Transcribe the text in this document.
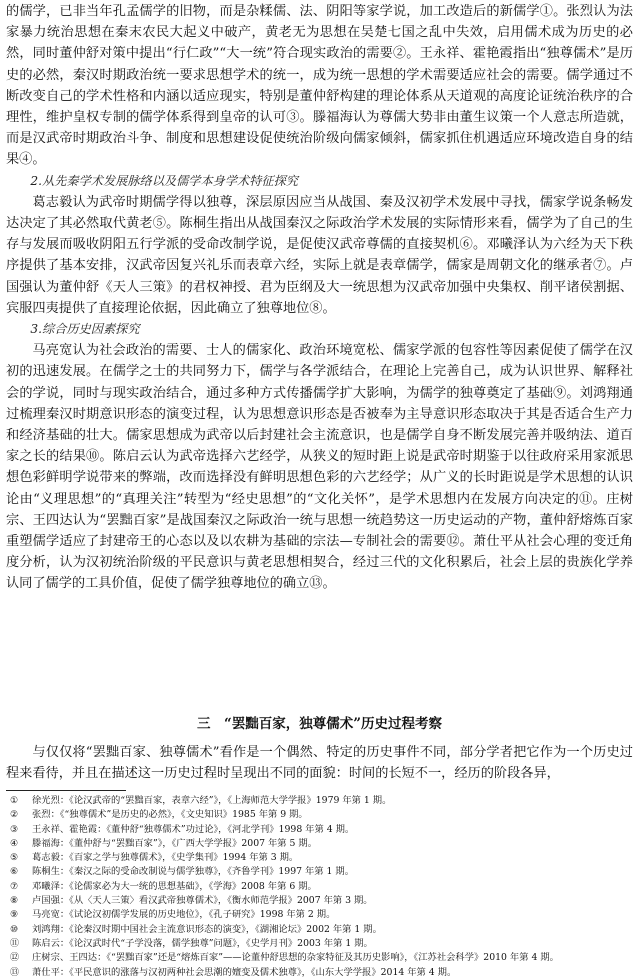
的儒学，已非当年孔孟儒学的旧物，而是杂糅儒、法、阴阳等家学说，加工改造后的新儒学①。张烈认为法家暴力统治思想在秦末农民大起义中破产，黄老无为思想在吴楚七国之乱中失效，启用儒术成为历史的必然，同时董仲舒对策中提出“行仁政”“大一统”符合现实政治的需要②。王永祥、霍艳霞指出“独尊儒术”是历史的必然，秦汉时期政治统一要求思想学术的统一，成为统一思想的学术需要适应社会的需要。儒学通过不断改变自己的学术性格和内涵以适应现实，特别是董仲舒构建的理论体系从天道观的高度论证统治秩序的合理性，维护皇权专制的儒学体系得到皇帝的认可③。滕福海认为尊儒大势非由董生议策一个人意志所造就，而是汉武帝时期政治斗争、制度和思想建设促使统治阶级向儒家倾斜，儒家抓住机遇适应环境改造自身的结果④。

2.从先秦学术发展脉络以及儒学本身学术特征探究

葛志毅认为武帝时期儒学得以独尊，深层原因应当从战国、秦及汉初学术发展中寻找，儒家学说条畅发达决定了其必然取代黄老⑤。陈桐生指出从战国秦汉之际政治学术发展的实际情形来看，儒学为了自己的生存与发展而吸收阴阳五行学派的受命改制学说，是促使汉武帝尊儒的直接契机⑥。邓曦泽认为六经为天下秩序提供了基本安排，汉武帝因复兴礼乐而表章六经，实际上就是表章儒学，儒家是周朝文化的继承者⑦。卢国强认为董仲舒《天人三策》的君权神授、君为臣纲及大一统思想为汉武帝加强中央集权、削平诸侯割据、宾服四夷提供了直接理论依据，因此确立了独尊地位⑧。

3.综合历史因素探究

马亮宽认为社会政治的需要、士人的儒家化、政治环境宽松、儒家学派的包容性等因素促使了儒学在汉初的迅速发展。在儒学之士的共同努力下，儒学与各学派结合，在理论上完善自己，成为认识世界、解释社会的学说，同时与现实政治结合，通过多种方式传播儒学扩大影响，为儒学的独尊奠定了基础⑨。刘鸿翔通过梳理秦汉时期意识形态的演变过程，认为思想意识形态是否被奉为主导意识形态取决于其是否适合生产力和经济基础的壮大。儒家思想成为武帝以后封建社会主流意识，也是儒学自身不断发展完善并吸纳法、道百家之长的结果⑩。陈启云认为武帝选择六艺经学，从狭义的短时距上说是武帝时期鉴于以往政府采用家派思想色彩鲜明学说带来的弊端，改而选择没有鲜明思想色彩的六艺经学；从广义的长时距说是学术思想的认识论由“义理思想”的“真理关注”转型为“经史思想”的“文化关怀”，是学术思想内在发展方向决定的⑪。庄树宗、王四达认为“罢黜百家”是战国秦汉之际政治一统与思想一统趋势这一历史运动的产物，董仲舒熔炼百家重塑儒学适应了封建帝王的心态以及以农耕为基础的宗法—专制社会的需要⑫。萧仕平从社会心理的变迁角度分析，认为汉初统治阶级的平民意识与黄老思想相契合，经过三代的文化积累后，社会上层的贵族化学养认同了儒学的工具价值，促使了儒学独尊地位的确立⑬。

三　“罢黜百家，独尊儒术”历史过程考察

与仅仅将“罢黜百家、独尊儒术”看作是一个偶然、特定的历史事件不同，部分学者把它作为一个历史过程来看待，并且在描述这一历史过程时呈现出不同的面貌：时间的长短不一，经历的阶段各异，

①	徐光烈：《论汉武帝的“罢黜百家，表章六经”》，《上海师范大学学报》1979 年第 1 期。
②	张烈：《“独尊儒术”是历史的必然》，《文史知识》1985 年第 9 期。
③	王永祥、霍艳霞：《董仲舒“独尊儒术”功过论》，《河北学刊》1998 年第 4 期。
④	滕福海：《董仲舒与“罢黜百家”》，《广西大学学报》2007 年第 5 期。
⑤	葛志毅：《百家之学与独尊儒术》，《史学集刊》1994 年第 3 期。
⑥	陈桐生：《秦汉之际的受命改制说与儒学独尊》，《齐鲁学刊》1997 年第 1 期。
⑦	邓曦泽：《论儒家必为大一统的思想基础》，《学海》2008 年第 6 期。
⑧	卢国强：《从〈天人三策〉看汉武帝独尊儒术》，《衡水师范学报》2007 年第 3 期。
⑨	马亮宽：《试论汉初儒学发展的历史地位》，《孔子研究》1998 年第 2 期。
⑩	刘鸿翔：《论秦汉时期中国社会主流意识形态的演变》，《湖湘论坛》2002 年第 1 期。
⑪	陈启云：《论汉武时代“子学没落，儒学独尊”问题》，《史学月刊》2003 年第 1 期。
⑫	庄树宗、王四达：《“罢黜百家”还是“熔炼百家”——论董仲舒思想的杂家特征及其历史影响》，《江苏社会科学》2010 年第 4 期。
⑬	萧仕平：《平民意识的涨落与汉初两种社会思潮的嬗变及儒术独尊》，《山东大学学报》2014 年第 4 期。
